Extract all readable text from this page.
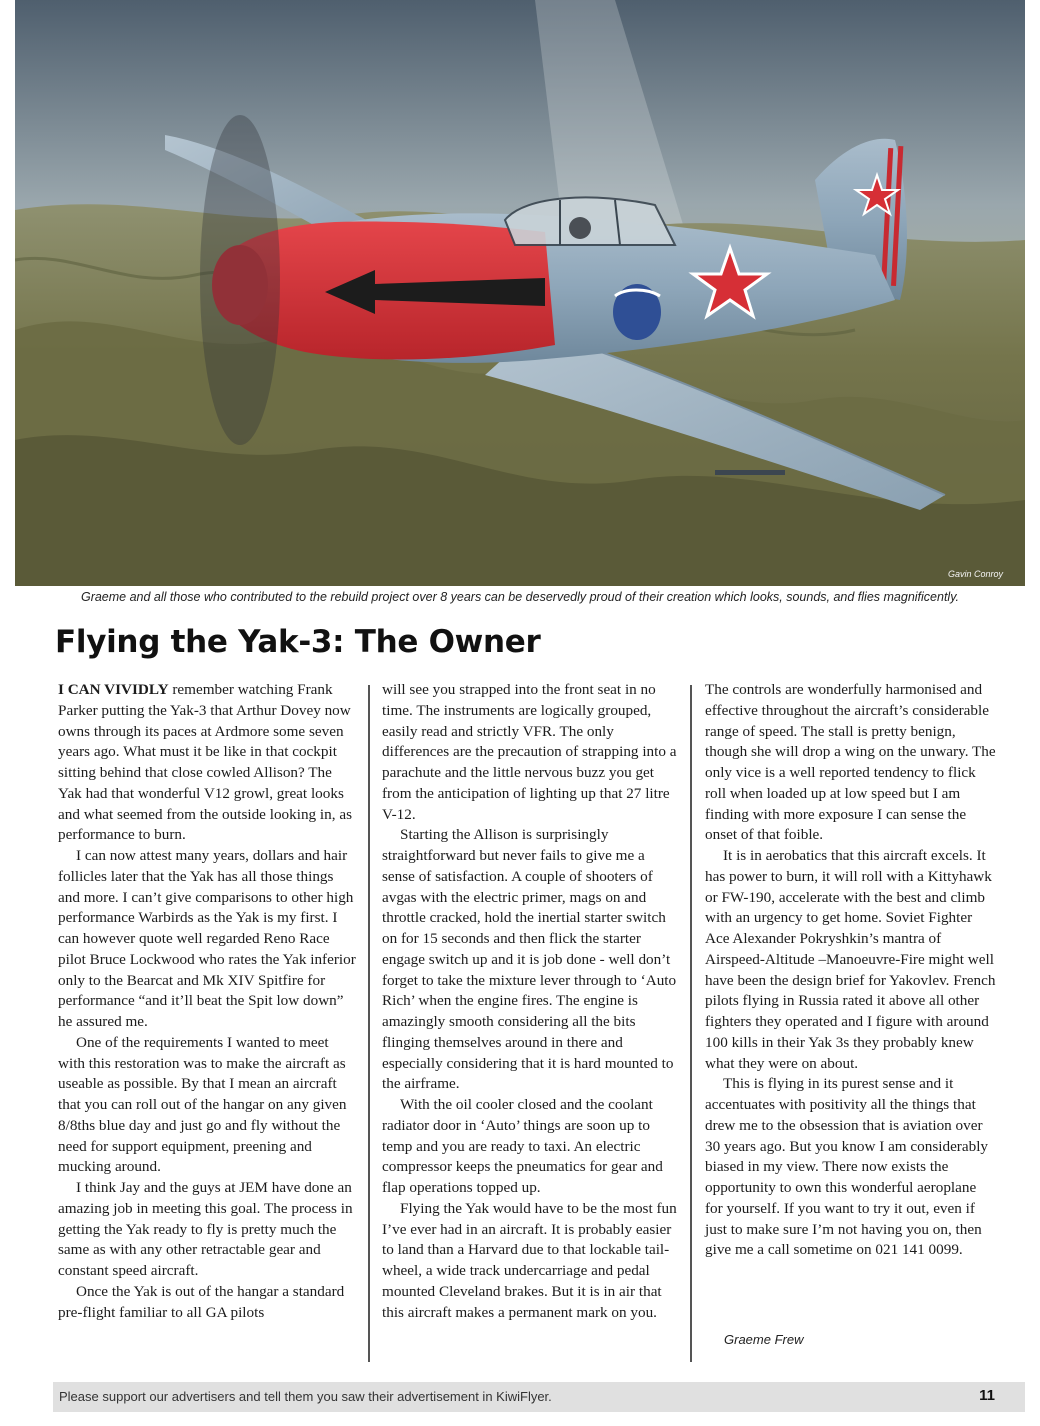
Gavin Conroy
Graeme and all those who contributed to the rebuild project over 8 years can be deservedly proud of their creation which looks, sounds, and flies magnificently.
Flying the Yak-3: The Owner

I CAN VIVIDLY remember watching Frank Parker putting the Yak-3 that Arthur Dovey now owns through its paces at Ardmore some seven years ago. What must it be like in that cockpit sitting behind that close cowled Allison? The Yak had that wonderful V12 growl, great looks and what seemed from the outside looking in, as performance to burn.

I can now attest many years, dollars and hair follicles later that the Yak has all those things and more. I can’t give comparisons to other high performance Warbirds as the Yak is my first. I can however quote well regarded Reno Race pilot Bruce Lockwood who rates the Yak inferior only to the Bearcat and Mk XIV Spitfire for performance “and it’ll beat the Spit low down” he assured me.

One of the requirements I wanted to meet with this restoration was to make the aircraft as useable as possible. By that I mean an aircraft that you can roll out of the hangar on any given 8/8ths blue day and just go and fly without the need for support equipment, preening and mucking around.

I think Jay and the guys at JEM have done an amazing job in meeting this goal. The process in getting the Yak ready to fly is pretty much the same as with any other retractable gear and constant speed aircraft.

Once the Yak is out of the hangar a standard pre-flight familiar to all GA pilots

will see you strapped into the front seat in no time. The instruments are logically grouped, easily read and strictly VFR. The only differences are the precaution of strapping into a parachute and the little nervous buzz you get from the anticipation of lighting up that 27 litre V-12.

Starting the Allison is surprisingly straightforward but never fails to give me a sense of satisfaction. A couple of shooters of avgas with the electric primer, mags on and throttle cracked, hold the inertial starter switch on for 15 seconds and then flick the starter engage switch up and it is job done - well don’t forget to take the mixture lever through to ‘Auto Rich’ when the engine fires. The engine is amazingly smooth considering all the bits flinging themselves around in there and especially considering that it is hard mounted to the airframe.

With the oil cooler closed and the coolant radiator door in ‘Auto’ things are soon up to temp and you are ready to taxi. An electric compressor keeps the pneumatics for gear and flap operations topped up.

Flying the Yak would have to be the most fun I’ve ever had in an aircraft. It is probably easier to land than a Harvard due to that lockable tail-wheel, a wide track undercarriage and pedal mounted Cleveland brakes. But it is in air that this aircraft makes a permanent mark on you.

The controls are wonderfully harmonised and effective throughout the aircraft’s considerable range of speed. The stall is pretty benign, though she will drop a wing on the unwary. The only vice is a well reported tendency to flick roll when loaded up at low speed but I am finding with more exposure I can sense the onset of that foible.

It is in aerobatics that this aircraft excels. It has power to burn, it will roll with a Kittyhawk or FW-190, accelerate with the best and climb with an urgency to get home. Soviet Fighter Ace Alexander Pokryshkin’s mantra of Airspeed-Altitude –Manoeuvre-Fire might well have been the design brief for Yakovlev. French pilots flying in Russia rated it above all other fighters they operated and I figure with around 100 kills in their Yak 3s they probably knew what they were on about.

This is flying in its purest sense and it accentuates with positivity all the things that drew me to the obsession that is aviation over 30 years ago. But you know I am considerably biased in my view. There now exists the opportunity to own this wonderful aeroplane for yourself. If you want to try it out, even if just to make sure I’m not having you on, then give me a call sometime on 021 141 0099.

Graeme Frew
Please support our advertisers and tell them you saw their advertisement in KiwiFlyer.	11
